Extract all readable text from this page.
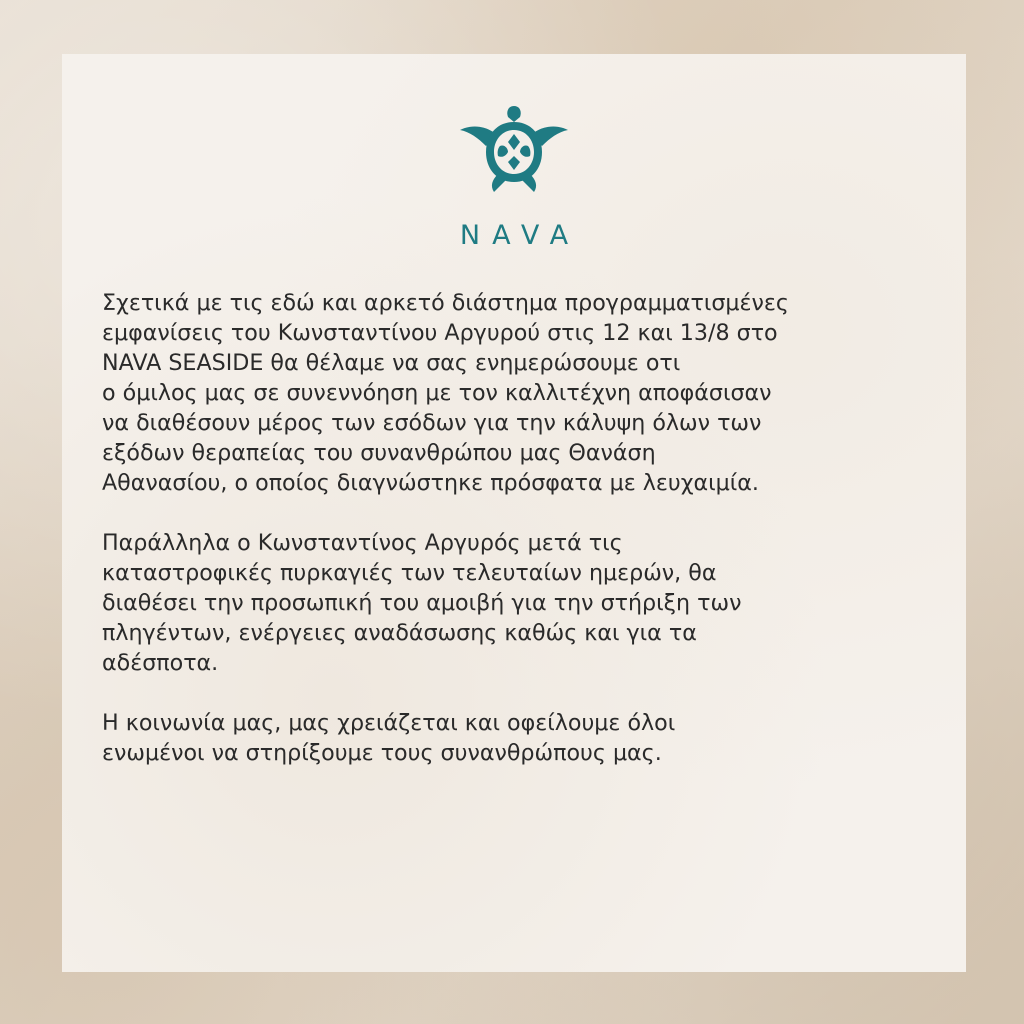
NAVA

Σχετικά με τις εδώ και αρκετό διάστημα προγραμματισμένες
εμφανίσεις του Κωνσταντίνου Αργυρού στις 12 και 13/8 στο
NAVA SEASIDE θα θέλαμε να σας ενημερώσουμε οτι
ο όμιλος μας σε συνεννόηση με τον καλλιτέχνη αποφάσισαν
να διαθέσουν μέρος των εσόδων για την κάλυψη όλων των
εξόδων θεραπείας του συνανθρώπου μας Θανάση
Αθανασίου, ο οποίος διαγνώστηκε πρόσφατα με λευχαιμία.

Παράλληλα ο Κωνσταντίνος Αργυρός μετά τις
καταστροφικές πυρκαγιές των τελευταίων ημερών, θα
διαθέσει την προσωπική του αμοιβή για την στήριξη των
πληγέντων, ενέργειες αναδάσωσης καθώς και για τα
αδέσποτα.

Η κοινωνία μας, μας χρειάζεται και οφείλουμε όλοι
ενωμένοι να στηρίξουμε τους συνανθρώπους μας.
